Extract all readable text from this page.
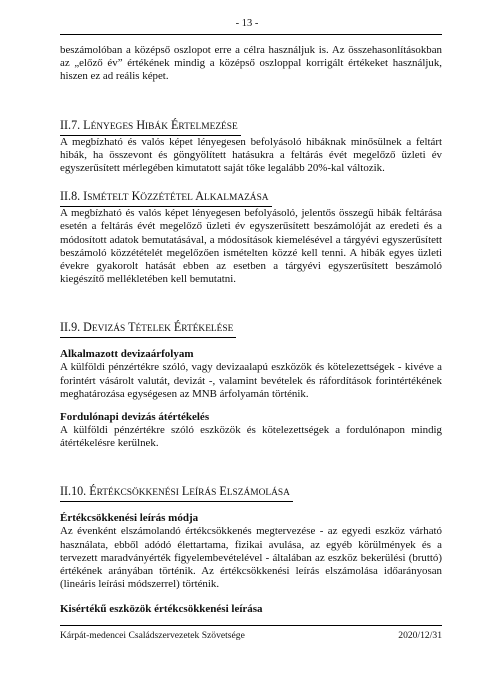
- 13 -

beszámolóban a középső oszlopot erre a célra használjuk is. Az összehasonlításokban az „előző év” értékének mindig a középső oszloppal korrigált értékeket használjuk, hiszen ez ad reális képet.

II.7. LÉNYEGES HIBÁK ÉRTELMEZÉSE

A megbízható és valós képet lényegesen befolyásoló hibáknak minősülnek a feltárt hibák, ha összevont és göngyölített hatásukra a feltárás évét megelőző üzleti év egyszerűsített mérlegében kimutatott saját tőke legalább 20%-kal változik.

II.8. ISMÉTELT KÖZZÉTÉTEL ALKALMAZÁSA

A megbízható és valós képet lényegesen befolyásoló, jelentős összegű hibák feltárása esetén a feltárás évét megelőző üzleti év egyszerűsített beszámolóját az eredeti és a módosított adatok bemutatásával, a módosítások kiemelésével a tárgyévi egyszerűsített beszámoló közzétételét megelőzően ismételten közzé kell tenni. A hibák egyes üzleti évekre gyakorolt hatását ebben az esetben a tárgyévi egyszerűsített beszámoló kiegészítő mellékletében kell bemutatni.

II.9. DEVIZÁS TÉTELEK ÉRTÉKELÉSE
Alkalmazott devizaárfolyam

A külföldi pénzértékre szóló, vagy devizaalapú eszközök és kötelezettségek - kivéve a forintért vásárolt valutát, devizát -, valamint bevételek és ráfordítások forintértékének meghatározása egységesen az MNB árfolyamán történik.

Fordulónapi devizás átértékelés

A külföldi pénzértékre szóló eszközök és kötelezettségek a fordulónapon mindig átértékelésre kerülnek.

II.10. ÉRTÉKCSÖKKENÉSI LEÍRÁS ELSZÁMOLÁSA
Értékcsökkenési leírás módja

Az évenként elszámolandó értékcsökkenés megtervezése - az egyedi eszköz várható használata, ebből adódó élettartama, fizikai avulása, az egyéb körülmények és a tervezett maradványérték figyelembevételével - általában az eszköz bekerülési (bruttó) értékének arányában történik. Az értékcsökkenési leírás elszámolása időarányosan (lineáris leírási módszerrel) történik.

Kisértékű eszközök értékcsökkenési leírása
Kárpát-medencei Családszervezetek Szövetsége	2020/12/31
